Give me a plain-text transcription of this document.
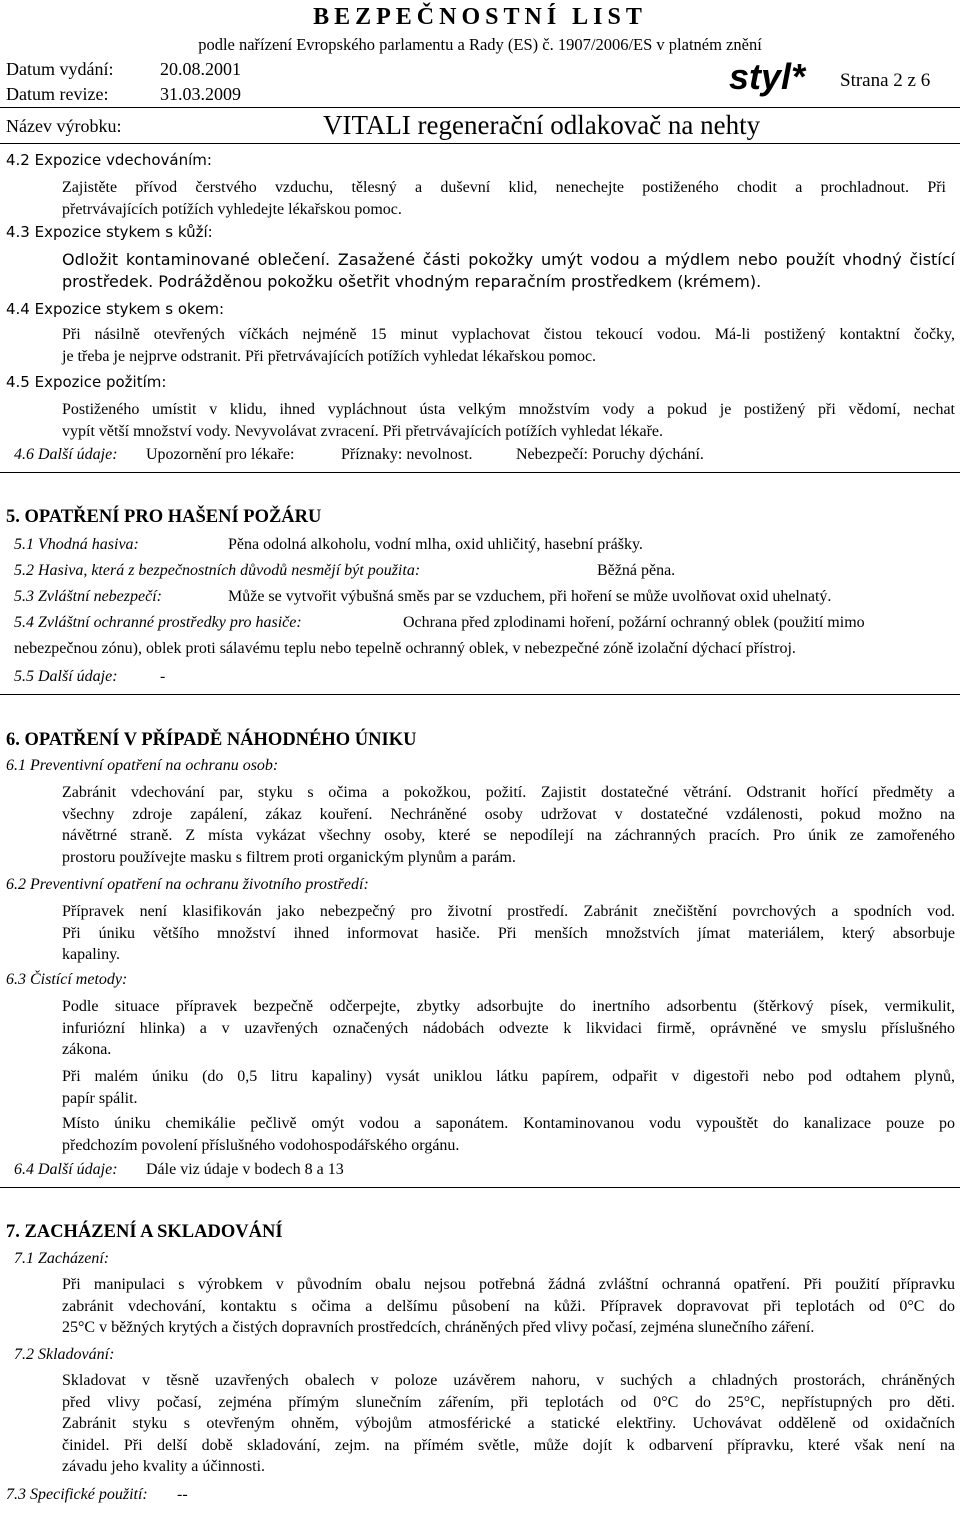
BEZPEČNOSTNÍ LIST
podle nařízení Evropského parlamentu a Rady (ES) č. 1907/2006/ES v platném znění
Datum vydání:	20.08.2001
Datum revize:	31.03.2009	styl* Strana 2 z 6
Název výrobku:	VITALI regenerační odlakovač na nehty
4.2 Expozice vdechováním:
Zajistěte přívod čerstvého vzduchu, tělesný a duševní klid, nenechejte postiženého chodit a prochladnout. Při
přetrvávajících potížích vyhledejte lékařskou pomoc.
4.3 Expozice stykem s kůží:
Odložit kontaminované oblečení. Zasažené části pokožky umýt vodou a mýdlem nebo použít vhodný čistící
prostředek. Podrážděnou pokožku ošetřit vhodným reparačním prostředkem (krémem).
4.4 Expozice stykem s okem:
Při násilně otevřených víčkách nejméně 15 minut vyplachovat čistou tekoucí vodou. Má-li postižený kontaktní čočky,
je třeba je nejprve odstranit. Při přetrvávajících potížích vyhledat lékařskou pomoc.
4.5 Expozice požitím:
Postiženého umístit v klidu, ihned vypláchnout ústa velkým množstvím vody a pokud je postižený při vědomí, nechat
vypít větší množství vody. Nevyvolávat zvracení. Při přetrvávajících potížích vyhledat lékaře.
4.6 Další údaje: Upozornění pro lékaře:	Příznaky: nevolnost.	Nebezpečí: Poruchy dýchání.
5. OPATŘENÍ PRO HAŠENÍ POŽÁRU
5.1 Vhodná hasiva:	Pěna odolná alkoholu, vodní mlha, oxid uhličitý, hasební prášky.
5.2 Hasiva, která z bezpečnostních důvodů nesmějí být použita:	Běžná pěna.
5.3 Zvláštní nebezpečí:	Může se vytvořit výbušná směs par se vzduchem, při hoření se může uvolňovat oxid uhelnatý.
5.4 Zvláštní ochranné prostředky pro hasiče:	Ochrana před zplodinami hoření, požární ochranný oblek (použití mimo
nebezpečnou zónu), oblek proti sálavému teplu nebo tepelně ochranný oblek, v nebezpečné zóně izolační dýchací přístroj.
5.5 Další údaje:	-
6. OPATŘENÍ V PŘÍPADĚ NÁHODNÉHO ÚNIKU
6.1 Preventivní opatření na ochranu osob:
Zabránit vdechování par, styku s očima a pokožkou, požití. Zajistit dostatečné větrání. Odstranit hořící předměty a
všechny zdroje zapálení, zákaz kouření. Nechráněné osoby udržovat v dostatečné vzdálenosti, pokud možno na
návětrné straně. Z místa vykázat všechny osoby, které se nepodílejí na záchranných pracích. Pro únik ze zamořeného
prostoru používejte masku s filtrem proti organickým plynům a parám.
6.2 Preventivní opatření na ochranu životního prostředí:
Přípravek není klasifikován jako nebezpečný pro životní prostředí. Zabránit znečištění povrchových a spodních vod.
Při úniku většího množství ihned informovat hasiče. Při menších množstvích jímat materiálem, který absorbuje
kapaliny.
6.3 Čistící metody:
Podle situace přípravek bezpečně odčerpejte, zbytky adsorbujte do inertního adsorbentu (štěrkový písek, vermikulit,
infuriózní hlinka) a v uzavřených označených nádobách odvezte k likvidaci firmě, oprávněné ve smyslu příslušného
zákona.
Při malém úniku (do 0,5 litru kapaliny) vysát uniklou látku papírem, odpařit v digestoři nebo pod odtahem plynů,
papír spálit.
Místo úniku chemikálie pečlivě omýt vodou a saponátem. Kontaminovanou vodu vypouštět do kanalizace pouze po
předchozím povolení příslušného vodohospodářského orgánu.
6.4 Další údaje: Dále viz údaje v bodech 8 a 13
7. ZACHÁZENÍ A SKLADOVÁNÍ
7.1 Zacházení:
Při manipulaci s výrobkem v původním obalu nejsou potřebná žádná zvláštní ochranná opatření. Při použití přípravku
zabránit vdechování, kontaktu s očima a delšímu působení na kůži. Přípravek dopravovat při teplotách od 0°C do
25°C v běžných krytých a čistých dopravních prostředcích, chráněných před vlivy počasí, zejména slunečního záření.
7.2 Skladování:
Skladovat v těsně uzavřených obalech v poloze uzávěrem nahoru, v suchých a chladných prostorách, chráněných
před vlivy počasí, zejména přímým slunečním zářením, při teplotách od 0°C do 25°C, nepřístupných pro děti.
Zabránit styku s otevřeným ohněm, výbojům atmosférické a statické elektřiny. Uchovávat odděleně od oxidačních
činidel. Při delší době skladování, zejm. na přímém světle, může dojít k odbarvení přípravku, které však není na
závadu jeho kvality a účinnosti.
7.3 Specifické použití: --
